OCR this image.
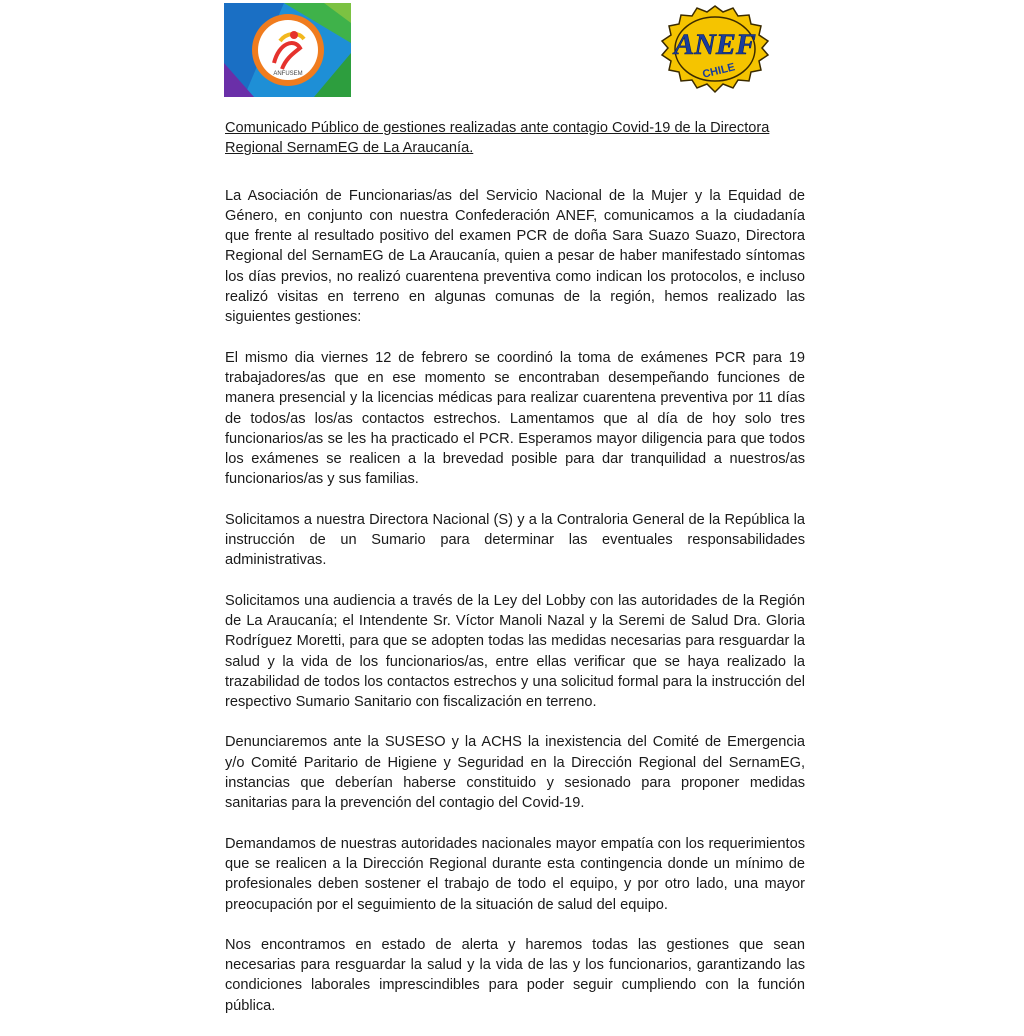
ANFUSEM
ANEF
CHILE

Comunicado Público de gestiones realizadas ante contagio Covid-19 de la Directora Regional SernamEG de La Araucanía.

La Asociación de Funcionarias/as del Servicio Nacional de la Mujer y la Equidad de Género, en conjunto con nuestra Confederación ANEF, comunicamos a la ciudadanía que frente al resultado positivo del examen PCR de doña Sara Suazo Suazo, Directora Regional del SernamEG de La Araucanía, quien a pesar de haber manifestado síntomas los días previos, no realizó cuarentena preventiva como indican los protocolos, e incluso realizó visitas en terreno en algunas comunas de la región, hemos realizado las siguientes gestiones:

El mismo dia viernes 12 de febrero se coordinó la toma de exámenes PCR para 19 trabajadores/as que en ese momento se encontraban desempeñando funciones de manera presencial y la licencias médicas para realizar cuarentena preventiva por 11 días de todos/as los/as contactos estrechos. Lamentamos que al día de hoy solo tres funcionarios/as se les ha practicado el PCR. Esperamos mayor diligencia para que todos los exámenes se realicen a la brevedad posible para dar tranquilidad a nuestros/as funcionarios/as y sus familias.

Solicitamos a nuestra Directora Nacional (S) y a la Contraloria General de la República la instrucción de un Sumario para determinar las eventuales responsabilidades administrativas.

Solicitamos una audiencia a través de la Ley del Lobby con las autoridades de la Región de La Araucanía; el Intendente Sr. Víctor Manoli Nazal y la Seremi de Salud Dra. Gloria Rodríguez Moretti, para que se adopten todas las medidas necesarias para resguardar la salud y la vida de los funcionarios/as, entre ellas verificar que se haya realizado la trazabilidad de todos los contactos estrechos y una solicitud formal para la instrucción del respectivo Sumario Sanitario con fiscalización en terreno.

Denunciaremos ante la SUSESO y la ACHS la inexistencia del Comité de Emergencia y/o Comité Paritario de Higiene y Seguridad en la Dirección Regional del SernamEG, instancias que deberían haberse constituido y sesionado para proponer medidas sanitarias para la prevención del contagio del Covid-19.

Demandamos de nuestras autoridades nacionales mayor empatía con los requerimientos que se realicen a la Dirección Regional durante esta contingencia donde un mínimo de profesionales deben sostener el trabajo de todo el equipo, y por otro lado, una mayor preocupación por el seguimiento de la situación de salud del equipo.

Nos encontramos en estado de alerta y haremos todas las gestiones que sean necesarias para resguardar la salud y la vida de las y los funcionarios, garantizando las condiciones laborales imprescindibles para poder seguir cumpliendo con la función pública.
